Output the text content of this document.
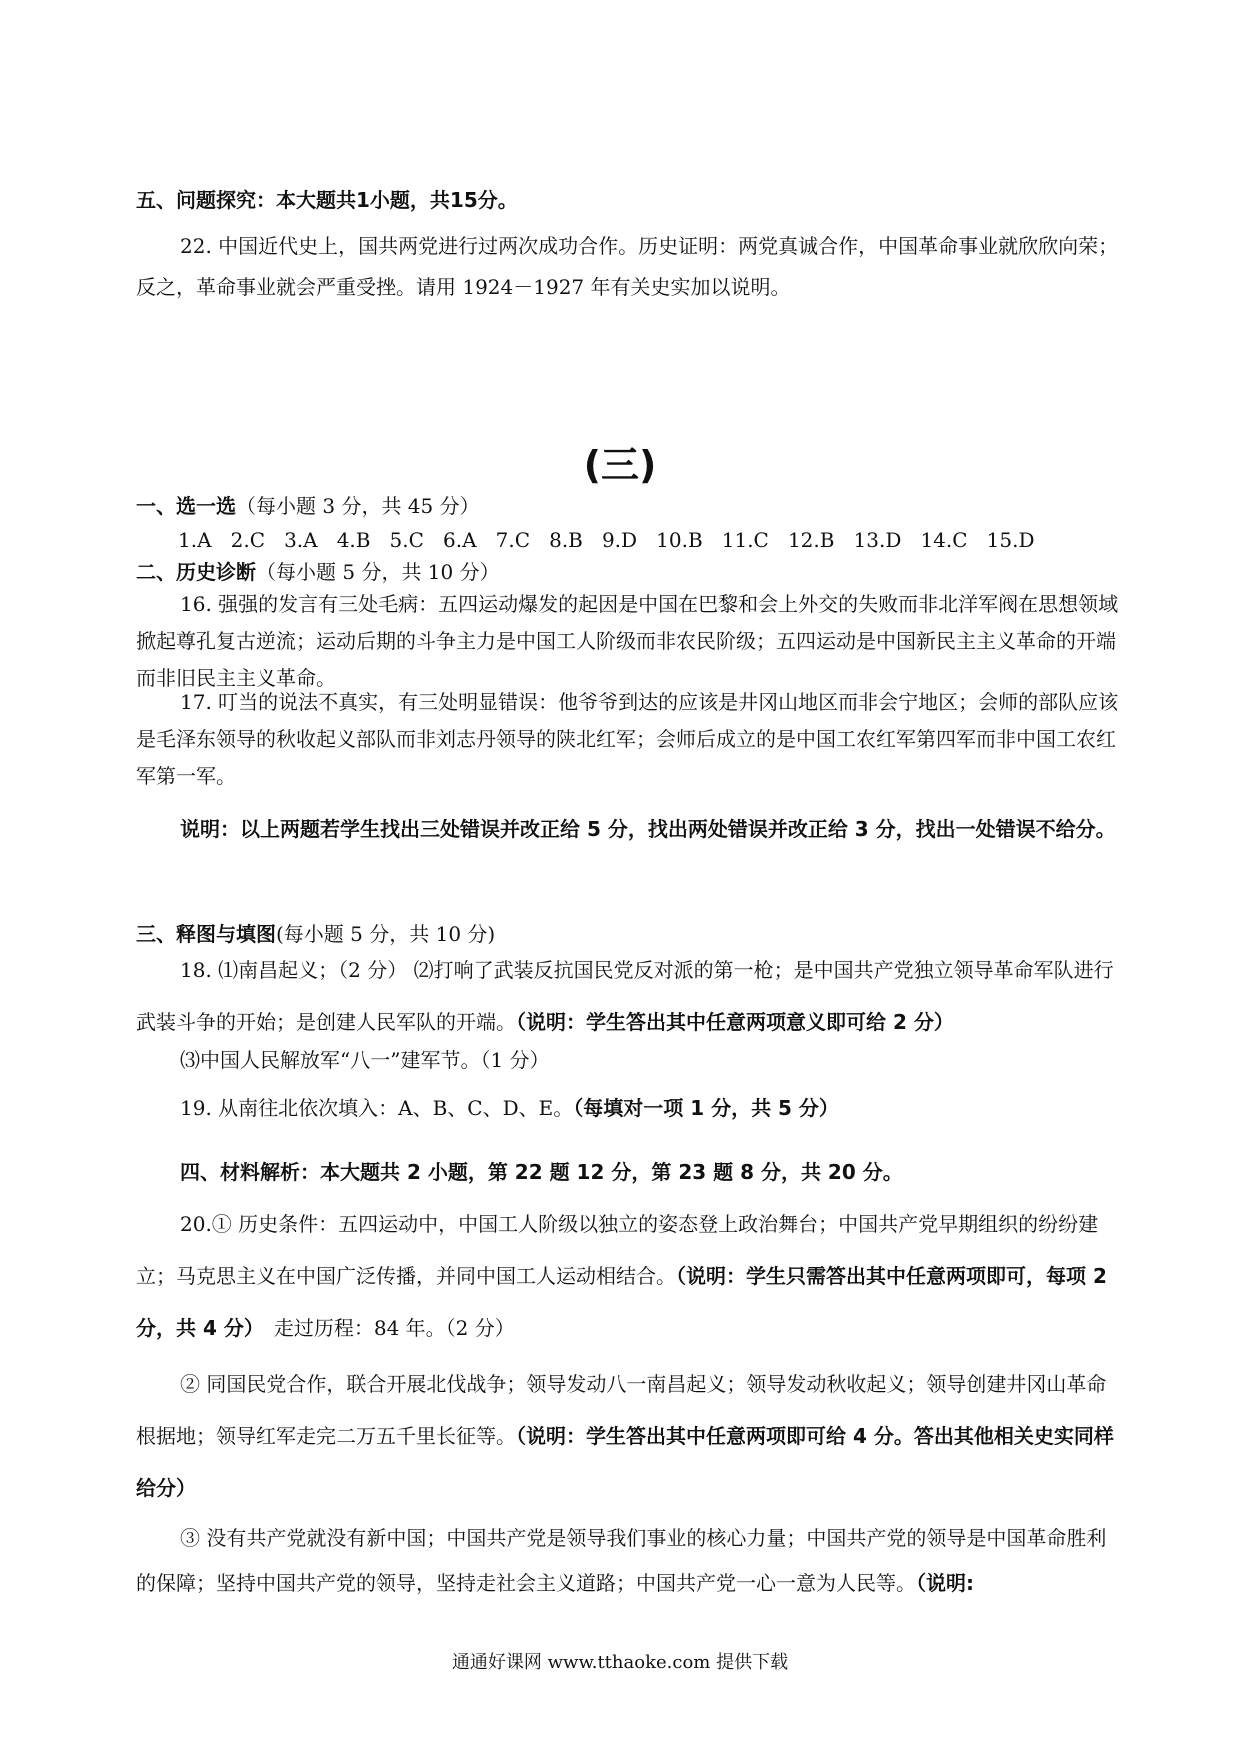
五、问题探究：本大题共1小题，共15分。

22. 中国近代史上，国共两党进行过两次成功合作。历史证明：两党真诚合作，中国革命事业就欣欣向荣；反之，革命事业就会严重受挫。请用 1924－1927 年有关史实加以说明。

(三)

一、选一选（每小题 3 分，共 45 分）

1.A 2.C 3.A 4.B 5.C 6.A 7.C 8.B 9.D 10.B 11.C 12.B 13.D 14.C 15.D

二、历史诊断（每小题 5 分，共 10 分）

16. 强强的发言有三处毛病：五四运动爆发的起因是中国在巴黎和会上外交的失败而非北洋军阀在思想领域掀起尊孔复古逆流；运动后期的斗争主力是中国工人阶级而非农民阶级；五四运动是中国新民主主义革命的开端而非旧民主主义革命。

17. 叮当的说法不真实，有三处明显错误：他爷爷到达的应该是井冈山地区而非会宁地区；会师的部队应该是毛泽东领导的秋收起义部队而非刘志丹领导的陕北红军；会师后成立的是中国工农红军第四军而非中国工农红军第一军。

说明：以上两题若学生找出三处错误并改正给 5 分，找出两处错误并改正给 3 分，找出一处错误不给分。

三、释图与填图(每小题 5 分，共 10 分)

18. ⑴南昌起义；（2 分） ⑵打响了武装反抗国民党反对派的第一枪；是中国共产党独立领导革命军队进行武装斗争的开始；是创建人民军队的开端。（说明：学生答出其中任意两项意义即可给 2 分）

⑶中国人民解放军“八一”建军节。（1 分）

19. 从南往北依次填入：A、B、C、D、E。（每填对一项 1 分，共 5 分）

四、材料解析：本大题共 2 小题，第 22 题 12 分，第 23 题 8 分，共 20 分。

20.① 历史条件：五四运动中，中国工人阶级以独立的姿态登上政治舞台；中国共产党早期组织的纷纷建立；马克思主义在中国广泛传播，并同中国工人运动相结合。（说明：学生只需答出其中任意两项即可，每项 2 分，共 4 分）　走过历程：84 年。（2 分）

② 同国民党合作，联合开展北伐战争；领导发动八一南昌起义；领导发动秋收起义；领导创建井冈山革命根据地；领导红军走完二万五千里长征等。（说明：学生答出其中任意两项即可给 4 分。答出其他相关史实同样给分）

③ 没有共产党就没有新中国；中国共产党是领导我们事业的核心力量；中国共产党的领导是中国革命胜利的保障；坚持中国共产党的领导，坚持走社会主义道路；中国共产党一心一意为人民等。（说明:

通通好课网 www.tthaoke.com 提供下载
